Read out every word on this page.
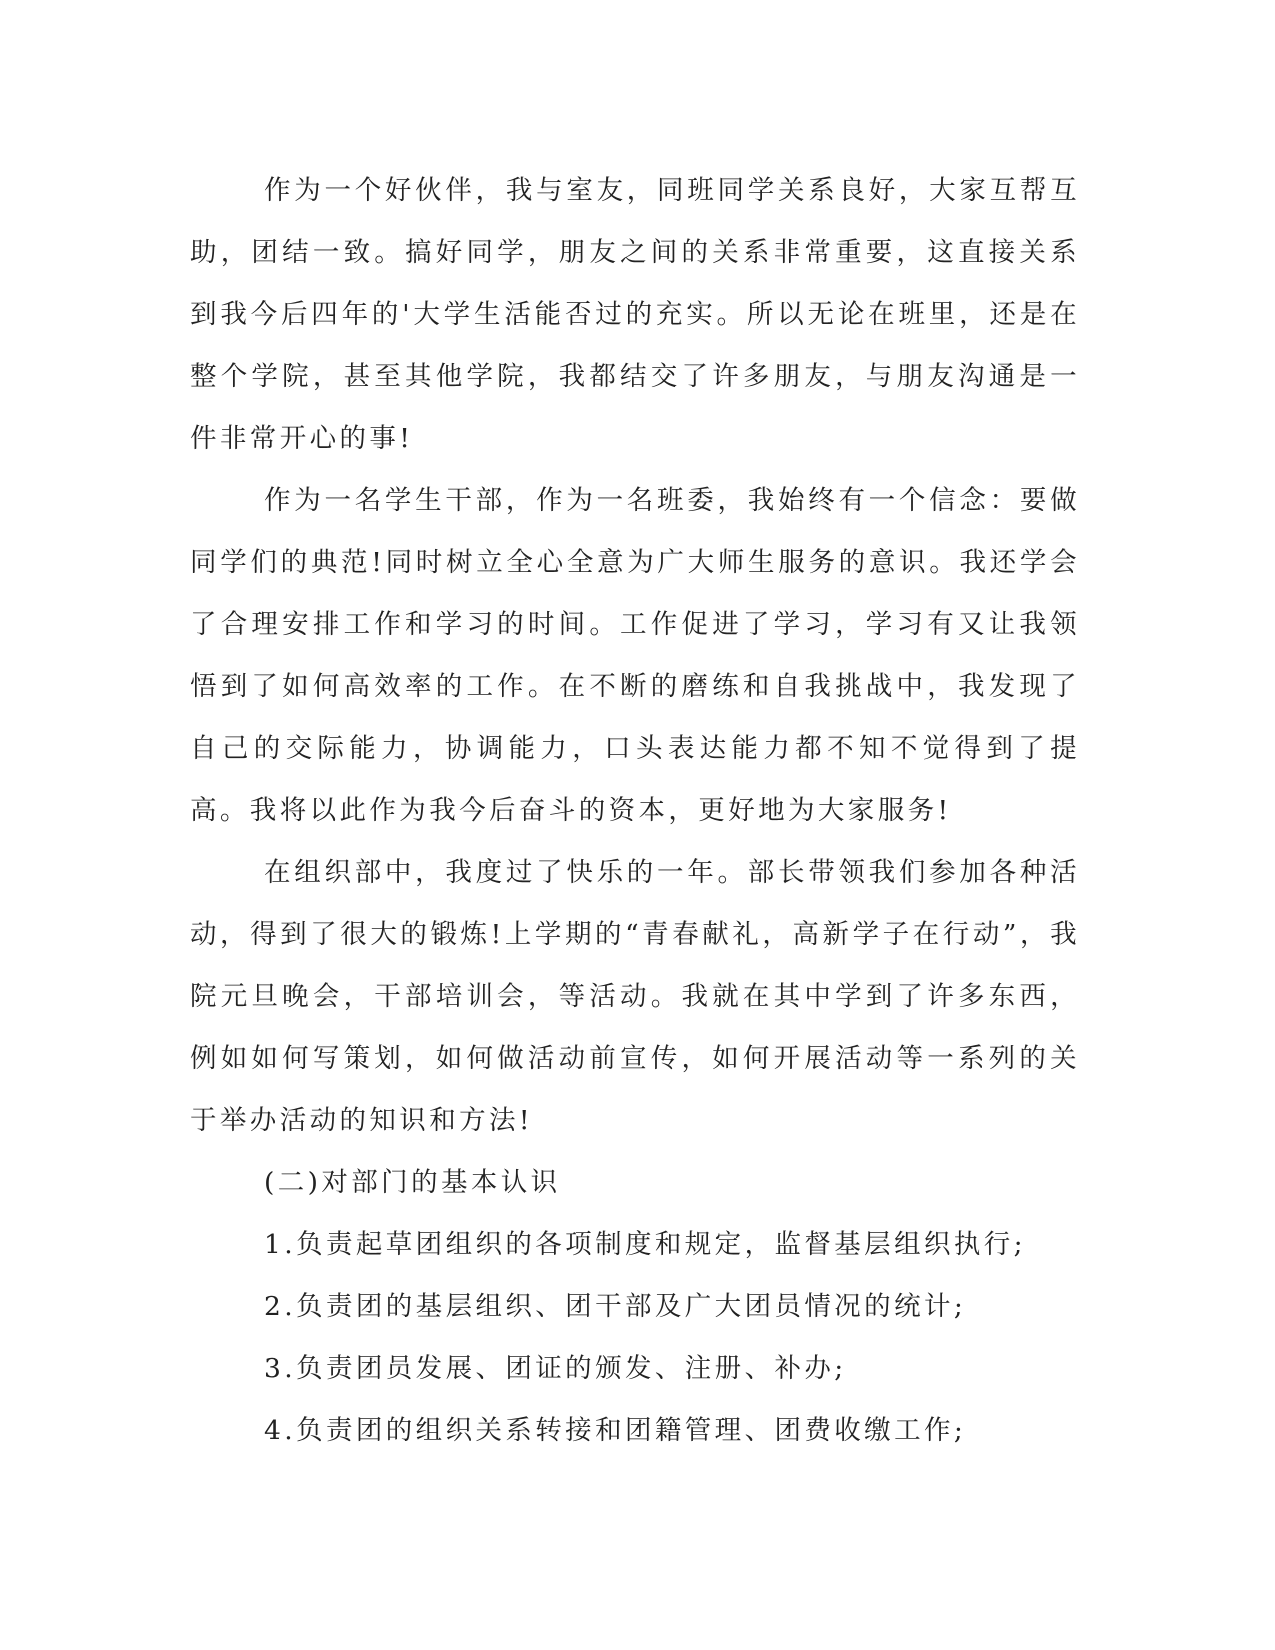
作为一个好伙伴，我与室友，同班同学关系良好，大家互帮互助，团结一致。搞好同学，朋友之间的关系非常重要，这直接关系到我今后四年的'大学生活能否过的充实。所以无论在班里，还是在整个学院，甚至其他学院，我都结交了许多朋友，与朋友沟通是一件非常开心的事!

作为一名学生干部，作为一名班委，我始终有一个信念：要做同学们的典范!同时树立全心全意为广大师生服务的意识。我还学会了合理安排工作和学习的时间。工作促进了学习，学习有又让我领悟到了如何高效率的工作。在不断的磨练和自我挑战中，我发现了自己的交际能力，协调能力，口头表达能力都不知不觉得到了提高。我将以此作为我今后奋斗的资本，更好地为大家服务!

在组织部中，我度过了快乐的一年。部长带领我们参加各种活动，得到了很大的锻炼!上学期的“青春献礼，高新学子在行动”，我院元旦晚会，干部培训会，等活动。我就在其中学到了许多东西，例如如何写策划，如何做活动前宣传，如何开展活动等一系列的关于举办活动的知识和方法!

(二)对部门的基本认识

1.负责起草团组织的各项制度和规定，监督基层组织执行;

2.负责团的基层组织、团干部及广大团员情况的统计;

3.负责团员发展、团证的颁发、注册、补办;

4.负责团的组织关系转接和团籍管理、团费收缴工作;
